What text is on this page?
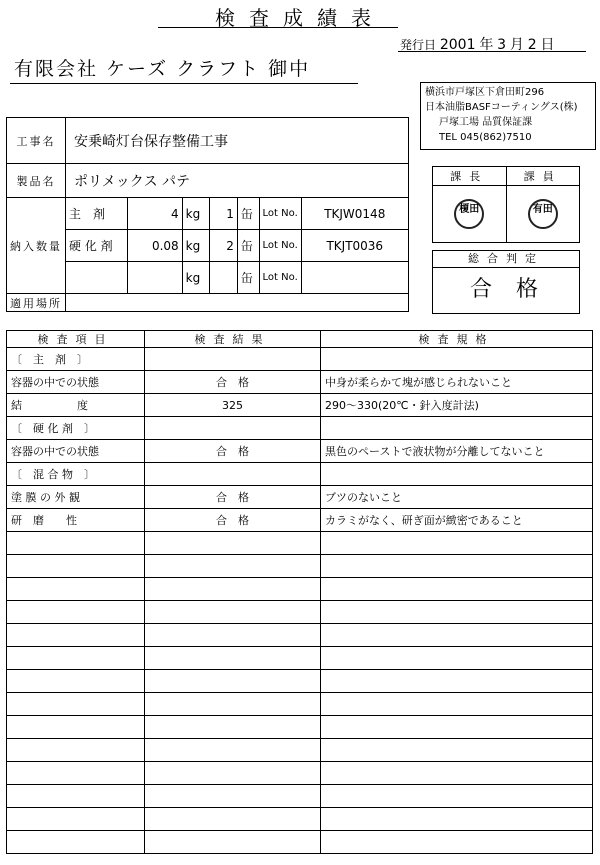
検査成績表
発行日 2001 年 3 月 2 日
有限会社 ケーズ クラフト 御中
横浜市戸塚区下倉田町296
日本油脂BASFコーティングス(株)
戸塚工場 品質保証課
TEL 045(862)7510
工事名	安乗崎灯台保存整備工事						
製品名	ポリメックス パテ						
納入数量	主　剤	4	kg	1	缶	Lot No.	TKJW0148
	硬 化 剤	0.08	kg	2	缶	Lot No.	TKJT0036
			kg		缶	Lot No.	
適用場所							
課長	課員
榎田	有田
総合判定
合格
検査項目	検査結果	検査規格
〔　主　剤　〕		
容器の中での状態	合　格	中身が柔らかて塊が感じられないこと
結　　　　　度	325	290～330(20℃・針入度計法)
〔　硬 化 剤　〕		
容器の中での状態	合　格	黒色のペーストで液状物が分離してないこと
〔　混 合 物　〕		
塗 膜 の 外 観	合　格	ブツのないこと
研　磨　　性	合　格	カラミがなく、研ぎ面が緻密であること
